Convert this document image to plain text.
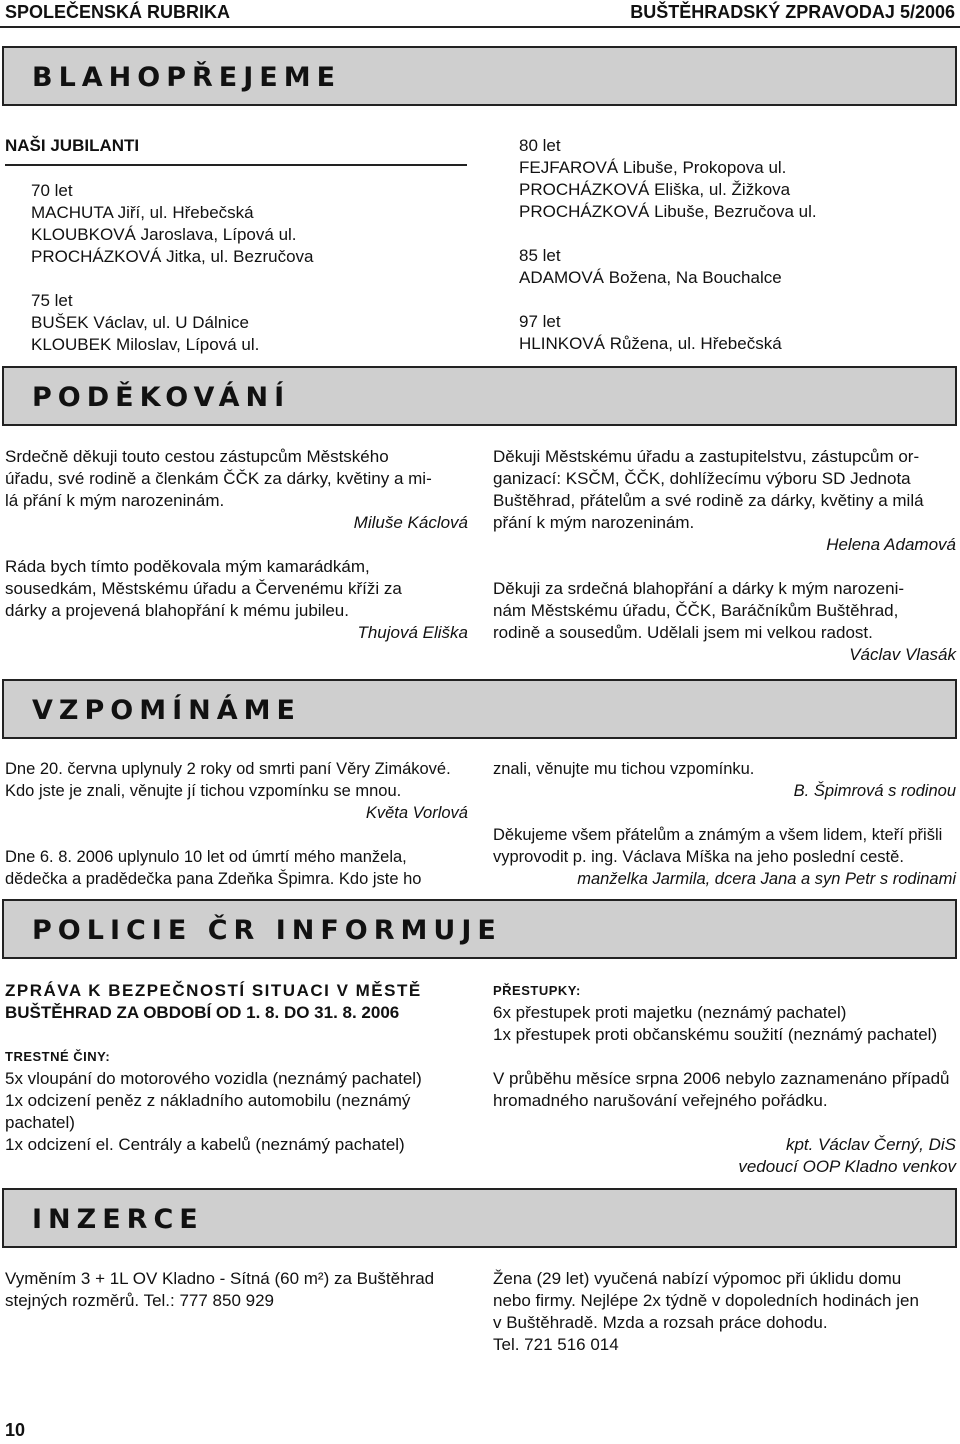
SPOLEČENSKÁ RUBRIKA	BUŠTĚHRADSKÝ ZPRAVODAJ 5/2006
BLAHOPŘEJEME
NAŠI JUBILANTI

70 let

MACHUTA Jiří, ul. Hřebečská

KLOUBKOVÁ Jaroslava, Lípová ul.

PROCHÁZKOVÁ Jitka, ul. Bezručova

75 let

BUŠEK Václav, ul. U Dálnice

KLOUBEK Miloslav, Lípová ul.

80 let

FEJFAROVÁ Libuše, Prokopova ul.

PROCHÁZKOVÁ Eliška, ul. Žižkova

PROCHÁZKOVÁ Libuše, Bezručova ul.

85 let

ADAMOVÁ Božena, Na Bouchalce

97 let

HLINKOVÁ Růžena, ul. Hřebečská

PODĚKOVÁNÍ

Srdečně děkuji touto cestou zástupcům Městského

úřadu, své rodině a členkám ČČK za dárky, květiny a mi-

lá přání k mým narozeninám.

Miluše Káclová

Ráda bych tímto poděkovala mým kamarádkám,

sousedkám, Městskému úřadu a Červenému kříži za

dárky a projevená blahopřání k mému jubileu.

Thujová Eliška

Děkuji Městskému úřadu a zastupitelstvu, zástupcům or-

ganizací: KSČM, ČČK, dohlížecímu výboru SD Jednota

Buštěhrad, přátelům a své rodině za dárky, květiny a milá

přání k mým narozeninám.

Helena Adamová

Děkuji za srdečná blahopřání a dárky k mým narozeni-

nám Městskému úřadu, ČČK, Baráčníkům Buštěhrad,

rodině a sousedům. Udělali jsem mi velkou radost.

Václav Vlasák

VZPOMÍNÁME

Dne 20. června uplynuly 2 roky od smrti paní Věry Zimákové.

Kdo jste je znali, věnujte jí tichou vzpomínku se mnou.

Květa Vorlová

Dne 6. 8. 2006 uplynulo 10 let od úmrtí mého manžela,

dědečka a pradědečka pana Zdeňka Špimra. Kdo jste ho

znali, věnujte mu tichou vzpomínku.

B. Špimrová s rodinou

Děkujeme všem přátelům a známým a všem lidem, kteří přišli

vyprovodit p. ing. Václava Míška na jeho poslední cestě.

manželka Jarmila, dcera Jana a syn Petr s rodinami

POLICIE ČR INFORMUJE

ZPRÁVA K BEZPEČNOSTÍ SITUACI V MĚSTĚ

BUŠTĚHRAD ZA OBDOBÍ OD 1. 8. DO 31. 8. 2006

TRESTNÉ ČINY:

5x vloupání do motorového vozidla (neznámý pachatel)

1x odcizení peněz z nákladního automobilu (neznámý

pachatel)

1x odcizení el. Centrály a kabelů (neznámý pachatel)

PŘESTUPKY:

6x přestupek proti majetku (neznámý pachatel)

1x přestupek proti občanskému soužití (neznámý pachatel)

V průběhu měsíce srpna 2006 nebylo zaznamenáno případů

hromadného narušování veřejného pořádku.

kpt. Václav Černý, DiS

vedoucí OOP Kladno venkov

INZERCE

Vyměním 3 + 1L OV Kladno - Sítná (60 m²) za Buštěhrad

stejných rozměrů. Tel.: 777 850 929

Žena (29 let) vyučená nabízí výpomoc při úklidu domu

nebo firmy. Nejlépe 2x týdně v dopoledních hodinách jen

v Buštěhradě. Mzda a rozsah práce dohodu.

Tel. 721 516 014

10
